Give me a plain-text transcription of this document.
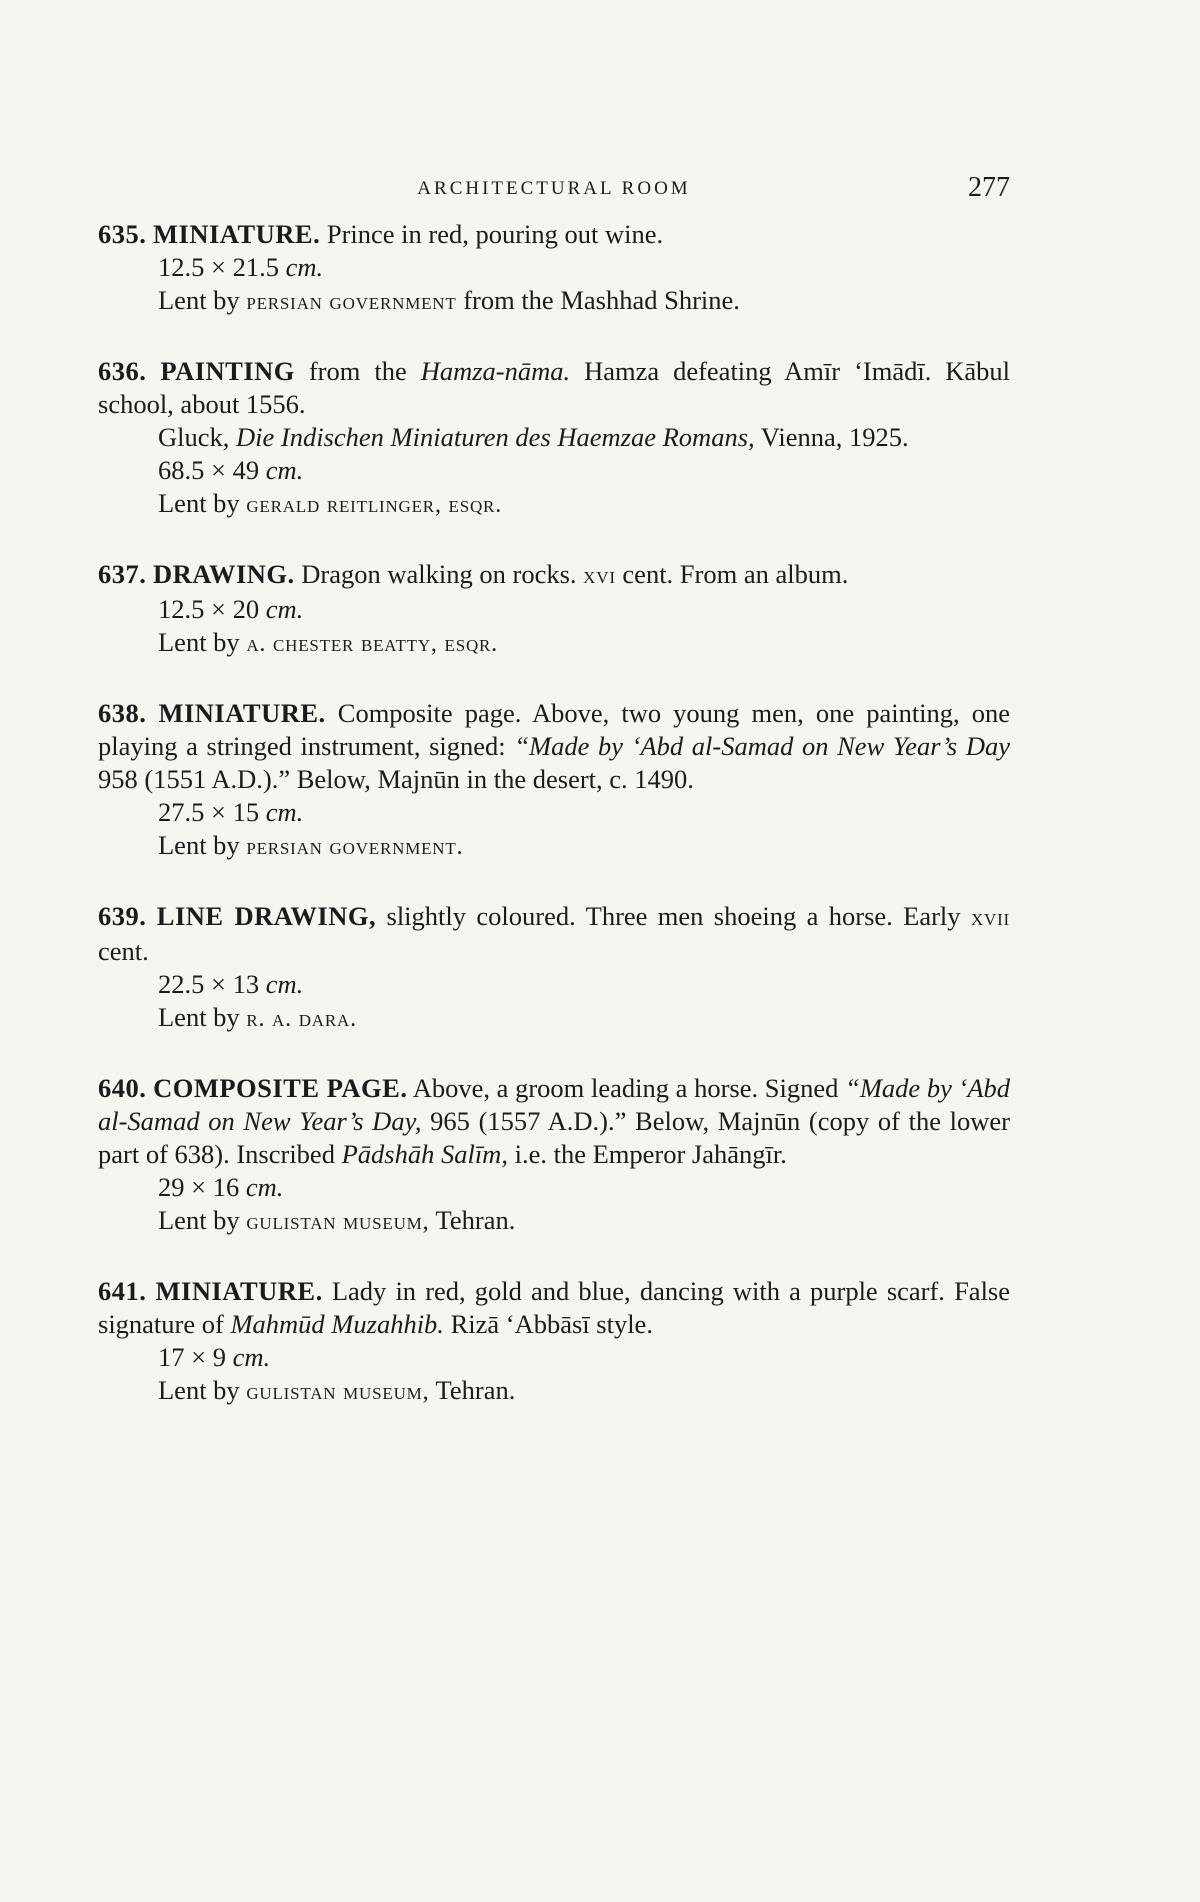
ARCHITECTURAL ROOM	277

635. MINIATURE. Prince in red, pouring out wine.

12.5 × 21.5 cm.

Lent by persian government from the Mashhad Shrine.

636. PAINTING from the Hamza-nāma. Hamza defeating Amīr ‘Imādī. Kābul school, about 1556.

Gluck, Die Indischen Miniaturen des Haemzae Romans, Vienna, 1925.

68.5 × 49 cm.

Lent by gerald reitlinger, esqr.

637. DRAWING. Dragon walking on rocks. xvi cent. From an album.

12.5 × 20 cm.

Lent by a. chester beatty, esqr.

638. MINIATURE. Composite page. Above, two young men, one painting, one playing a stringed instrument, signed: “Made by ‘Abd al-Samad on New Year’s Day 958 (1551 A.D.).” Below, Majnūn in the desert, c. 1490.

27.5 × 15 cm.

Lent by persian government.

639. LINE DRAWING, slightly coloured. Three men shoeing a horse. Early xvii cent.

22.5 × 13 cm.

Lent by r. a. dara.

640. COMPOSITE PAGE. Above, a groom leading a horse. Signed “Made by ‘Abd al-Samad on New Year’s Day, 965 (1557 A.D.).” Below, Majnūn (copy of the lower part of 638). Inscribed Pādshāh Salīm, i.e. the Emperor Jahāngīr.

29 × 16 cm.

Lent by gulistan museum, Tehran.

641. MINIATURE. Lady in red, gold and blue, dancing with a purple scarf. False signature of Mahmūd Muzahhib. Rizā ‘Abbāsī style.

17 × 9 cm.

Lent by gulistan museum, Tehran.
